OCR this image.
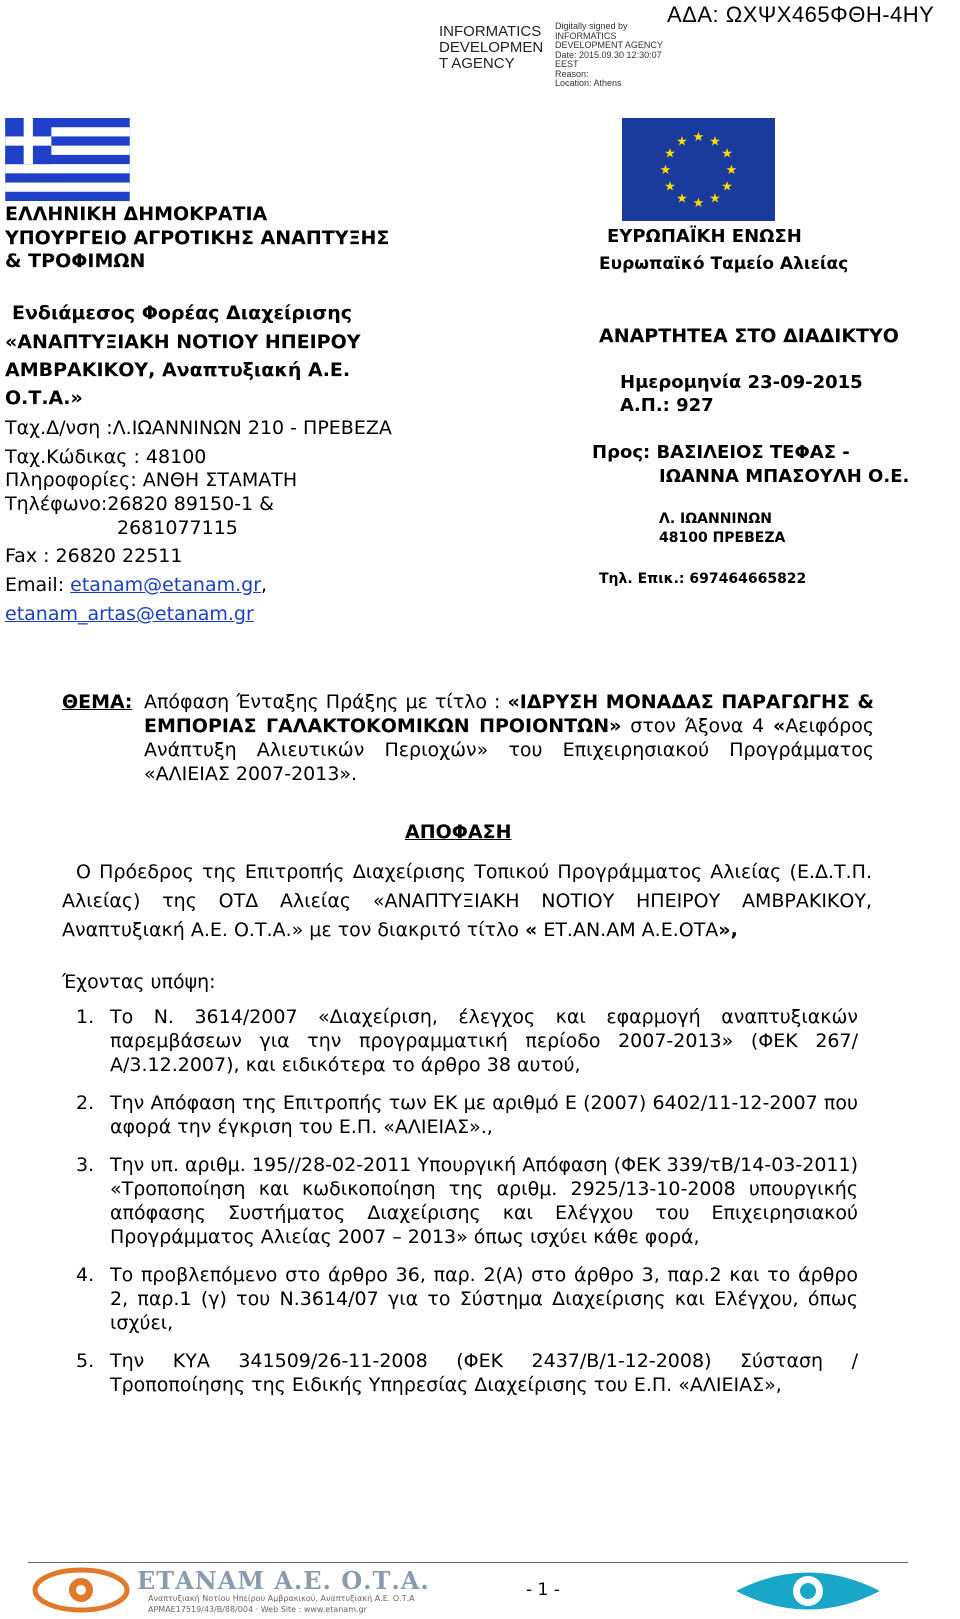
INFORMATICS
DEVELOPMEN
T AGENCY
Digitally signed by
INFORMATICS
DEVELOPMENT AGENCY
Date: 2015.09.30 12:30:07
EEST
Reason:
Location: Athens
ΑΔΑ: ΩΧΨΧ465ΦΘΗ-4ΗΥ
★ ★
★
★
★
★
★
★
★
★
★
★
ΕΛΛΗΝΙΚΗ ΔΗΜΟΚΡΑΤΙΑ
ΥΠΟΥΡΓΕΙΟ ΑΓΡΟΤΙΚΗΣ ΑΝΑΠΤΥΞΗΣ
& ΤΡΟΦΙΜΩΝ
Ενδιάμεσος Φορέας Διαχείρισης
«ΑΝΑΠΤΥΞΙΑΚΗ ΝΟΤΙΟΥ ΗΠΕΙΡΟΥ
ΑΜΒΡΑΚΙΚΟΥ, Αναπτυξιακή Α.Ε.
Ο.Τ.Α.»
Ταχ.Δ/νση :Λ.ΙΩΑΝΝΙΝΩΝ 210 - ΠΡΕΒΕΖΑ
Ταχ.Κώδικας : 48100
Πληροφορίες: ΑΝΘΗ ΣΤΑΜΑΤΗ
Τηλέφωνο:26820 89150-1 &
2681077115
Fax : 26820 22511
Email: etanam@etanam.gr,
etanam_artas@etanam.gr
ΕΥΡΩΠΑΪΚΗ ΕΝΩΣΗ
Ευρωπαϊκό Ταμείο Αλιείας
ΑΝΑΡΤΗΤΕΑ ΣΤΟ ΔΙΑΔΙΚΤΥΟ
Ημερομηνία 23-09-2015
Α.Π.: 927
Προς: ΒΑΣΙΛΕΙΟΣ ΤΕΦΑΣ -
ΙΩΑΝΝΑ ΜΠΑΣΟΥΛΗ Ο.Ε.
Λ. ΙΩΑΝΝΙΝΩΝ
48100 ΠΡΕΒΕΖΑ
Τηλ. Επικ.: 697464665822
ΘΕΜΑ: Απόφαση Ένταξης Πράξης με τίτλο : «ΙΔΡΥΣΗ ΜΟΝΑΔΑΣ ΠΑΡΑΓΩΓΗΣ & ΕΜΠΟΡΙΑΣ ΓΑΛΑΚΤΟΚΟΜΙΚΩΝ ΠΡΟΙΟΝΤΩΝ» στον Άξονα 4 «Αειφόρος Ανάπτυξη Αλιευτικών Περιοχών» του Επιχειρησιακού Προγράμματος «ΑΛΙΕΙΑΣ 2007-2013».
ΑΠΟΦΑΣΗ
Ο Πρόεδρος της Επιτροπής Διαχείρισης Τοπικού Προγράμματος Αλιείας (Ε.Δ.Τ.Π. Αλιείας) της ΟΤΔ Αλιείας «ΑΝΑΠΤΥΞΙΑΚΗ ΝΟΤΙΟΥ ΗΠΕΙΡΟΥ ΑΜΒΡΑΚΙΚΟΥ, Αναπτυξιακή Α.Ε. Ο.Τ.Α.» με τον διακριτό τίτλο « ΕΤ.ΑΝ.ΑΜ Α.Ε.ΟΤΑ»,
Έχοντας υπόψη:
1. Το Ν. 3614/2007 «Διαχείριση, έλεγχος και εφαρμογή αναπτυξιακών παρεμβάσεων για την προγραμματική περίοδο 2007-2013» (ΦΕΚ 267/Α/3.12.2007), και ειδικότερα το άρθρο 38 αυτού,
2. Την Απόφαση της Επιτροπής των ΕΚ με αριθμό Ε (2007) 6402/11-12-2007 που αφορά την έγκριση του Ε.Π. «ΑΛΙΕΙΑΣ».,
3. Την υπ. αριθμ. 195//28-02-2011 Υπουργική Απόφαση (ΦΕΚ 339/τΒ/14-03-2011) «Τροποποίηση και κωδικοποίηση της αριθμ. 2925/13-10-2008 υπουργικής απόφασης Συστήματος Διαχείρισης και Ελέγχου του Επιχειρησιακού Προγράμματος Αλιείας 2007 – 2013» όπως ισχύει κάθε φορά,
4. Το προβλεπόμενο στο άρθρο 36, παρ. 2(Α) στο άρθρο 3, παρ.2 και το άρθρο 2, παρ.1 (γ) του Ν.3614/07 για το Σύστημα Διαχείρισης και Ελέγχου, όπως ισχύει,
5. Την ΚΥΑ 341509/26-11-2008 (ΦΕΚ 2437/Β/1-12-2008) Σύσταση /Τροποποίησης της Ειδικής Υπηρεσίας Διαχείρισης του Ε.Π. «ΑΛΙΕΙΑΣ»,
ΕΤΑΝΑΜ Α.Ε. Ο.Τ.Α.
Αναπτυξιακή Νοτίου Ηπείρου Αμβρακικού, Αναπτυξιακή Α.Ε. Ο.Τ.Α
ΑΡΜΑΕ17519/43/Β/88/004 · Web Site : www.etanam.gr
- 1 -
